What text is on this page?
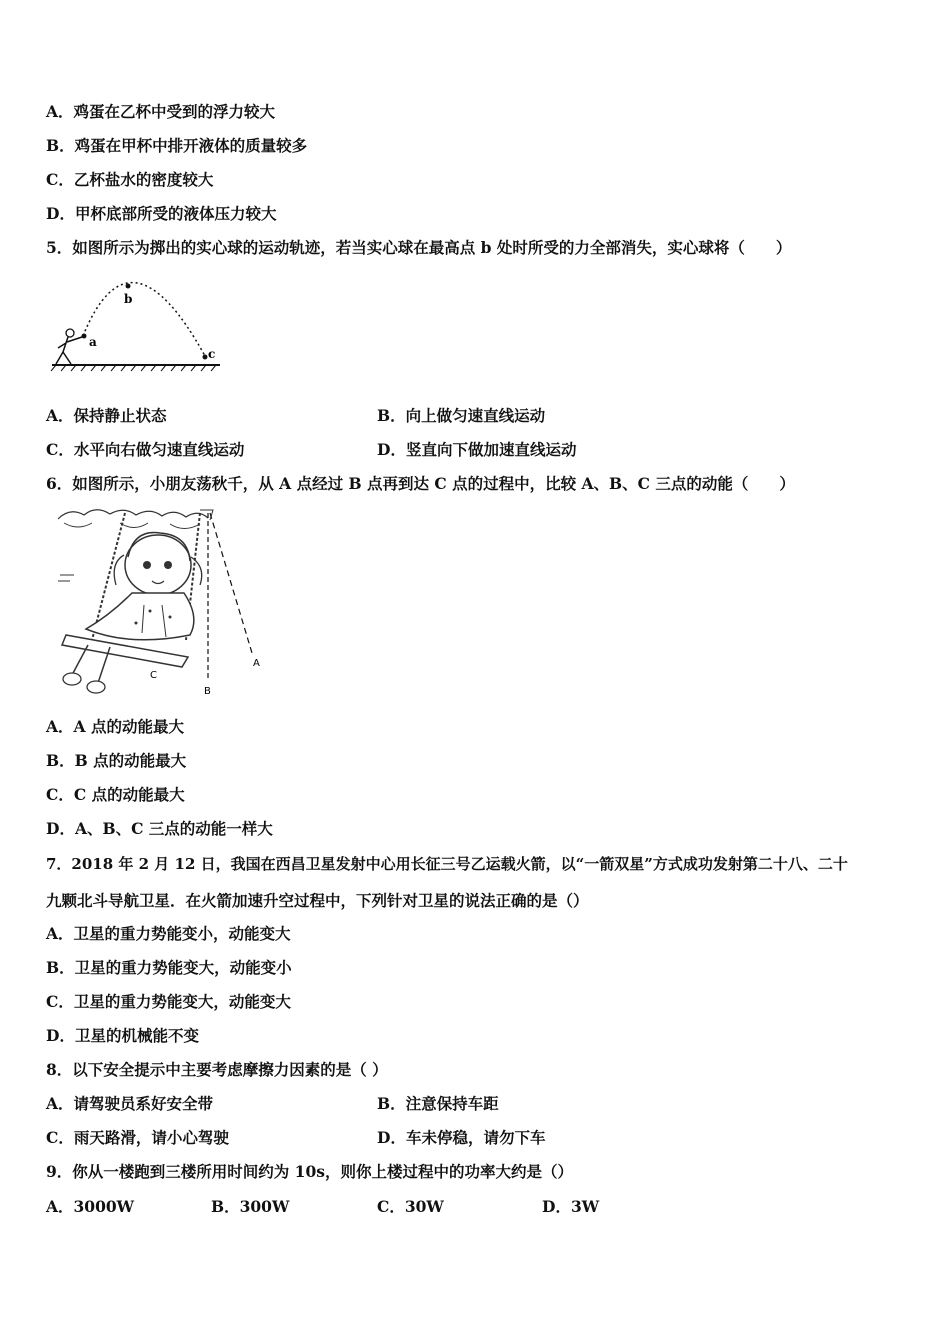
A．鸡蛋在乙杯中受到的浮力较大
B．鸡蛋在甲杯中排开液体的质量较多
C．乙杯盐水的密度较大
D．甲杯底部所受的液体压力较大
5．如图所示为掷出的实心球的运动轨迹，若当实心球在最高点 b 处时所受的力全部消失，实心球将（　　）
a
b
c
A．保持静止状态	B．向上做匀速直线运动
C．水平向右做匀速直线运动	D．竖直向下做加速直线运动
6．如图所示，小朋友荡秋千，从 A 点经过 B 点再到达 C 点的过程中，比较 A、B、C 三点的动能（　　）
B
A
C
A．A 点的动能最大
B．B 点的动能最大
C．C 点的动能最大
D．A、B、C 三点的动能一样大
7．2018 年 2 月 12 日，我国在西昌卫星发射中心用长征三号乙运载火箭，以“一箭双星”方式成功发射第二十八、二十
九颗北斗导航卫星．在火箭加速升空过程中，下列针对卫星的说法正确的是（）
A．卫星的重力势能变小，动能变大
B．卫星的重力势能变大，动能变小
C．卫星的重力势能变大，动能变大
D．卫星的机械能不变
8．以下安全提示中主要考虑摩擦力因素的是（ ）
A．请驾驶员系好安全带	B．注意保持车距
C．雨天路滑，请小心驾驶	D．车未停稳，请勿下车
9．你从一楼跑到三楼所用时间约为 10s，则你上楼过程中的功率大约是（）
A．3000W	B．300W	C．30W	D．3W
